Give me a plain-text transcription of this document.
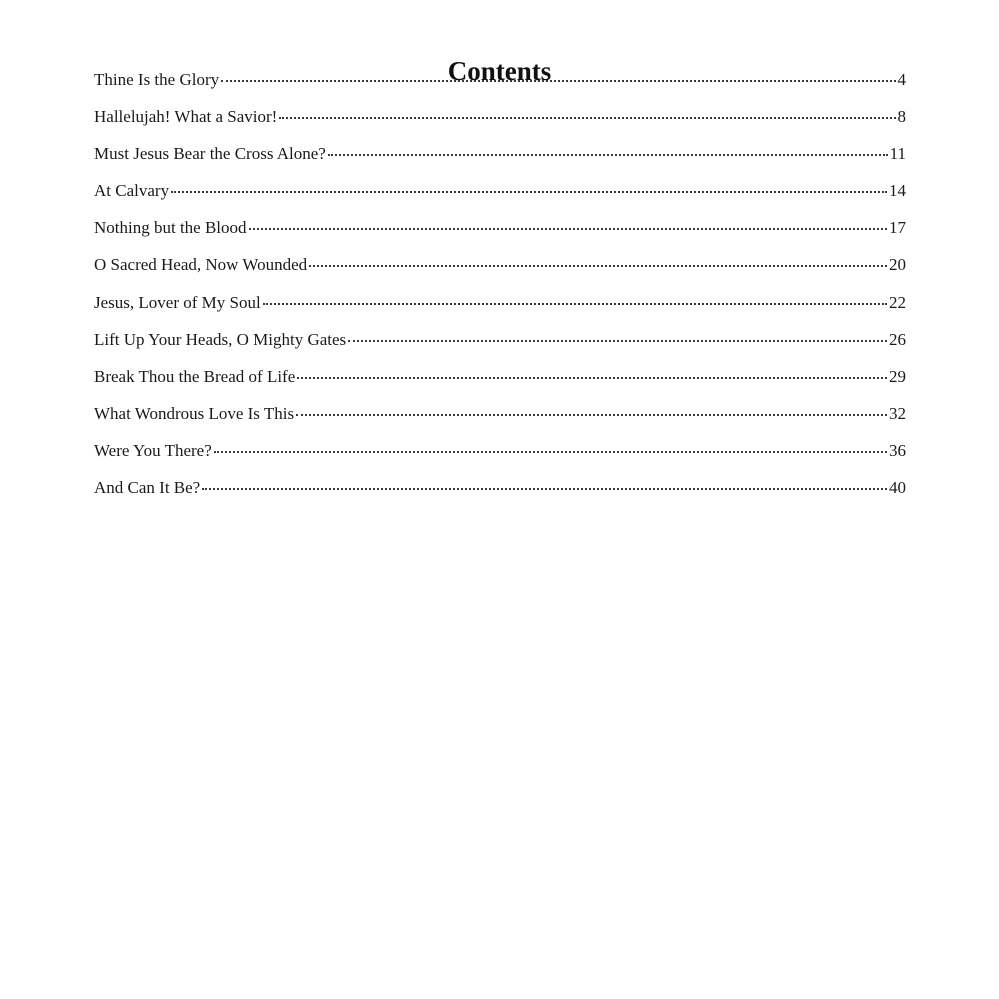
Contents
Thine Is the Glory	4
Hallelujah! What a Savior!	8
Must Jesus Bear the Cross Alone?	11
At Calvary	14
Nothing but the Blood	17
O Sacred Head, Now Wounded	20
Jesus, Lover of My Soul	22
Lift Up Your Heads, O Mighty Gates	26
Break Thou the Bread of Life	29
What Wondrous Love Is This	32
Were You There?	36
And Can It Be?	40
